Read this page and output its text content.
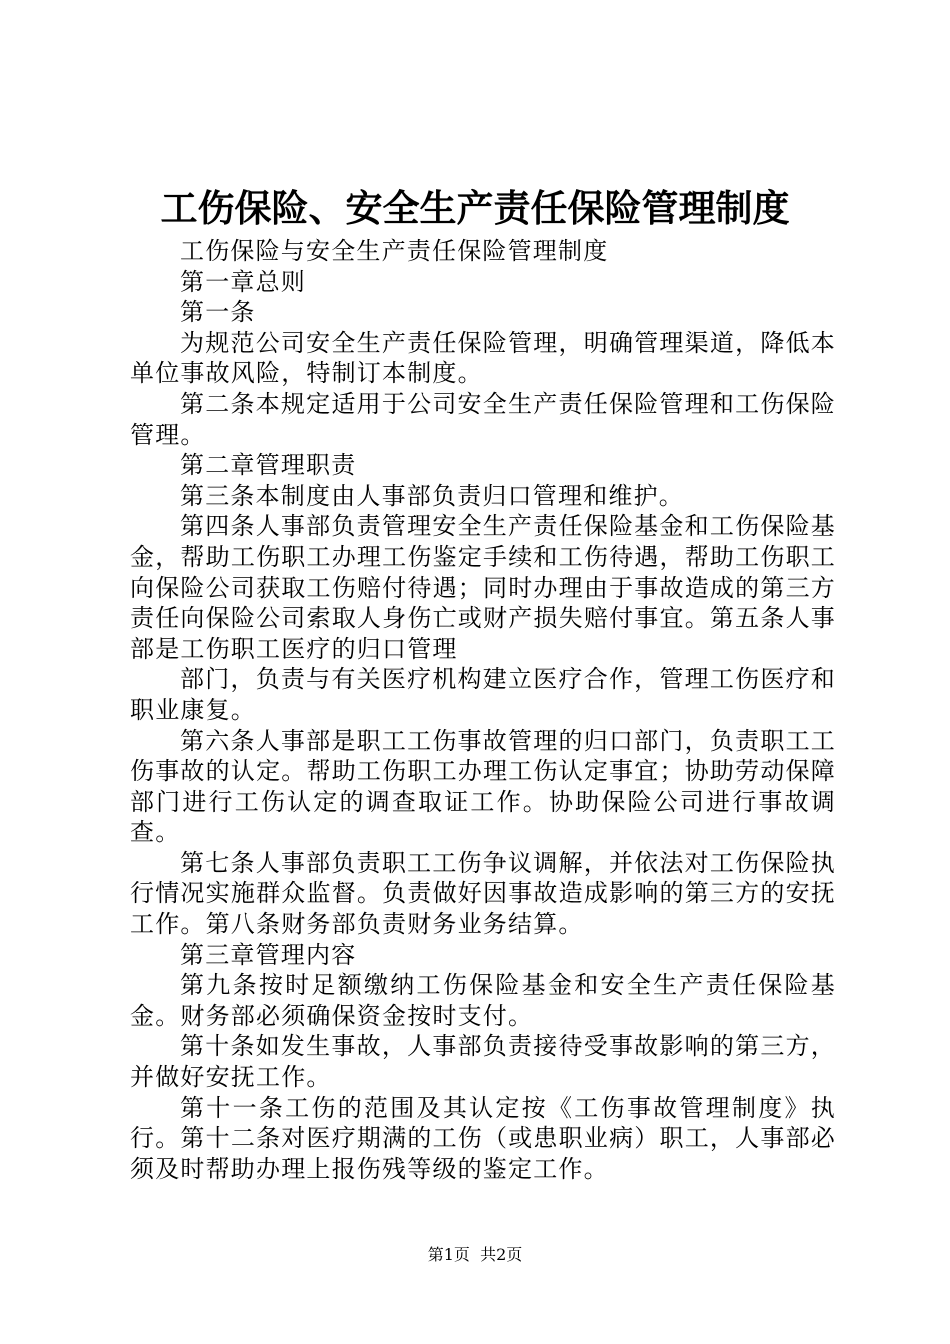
工伤保险、安全生产责任保险管理制度

工伤保险与安全生产责任保险管理制度

第一章总则

第一条

为规范公司安全生产责任保险管理，明确管理渠道，降低本单位事故风险，特制订本制度。

第二条本规定适用于公司安全生产责任保险管理和工伤保险管理。

第二章管理职责

第三条本制度由人事部负责归口管理和维护。

第四条人事部负责管理安全生产责任保险基金和工伤保险基金，帮助工伤职工办理工伤鉴定手续和工伤待遇，帮助工伤职工向保险公司获取工伤赔付待遇；同时办理由于事故造成的第三方责任向保险公司索取人身伤亡或财产损失赔付事宜。第五条人事部是工伤职工医疗的归口管理

部门，负责与有关医疗机构建立医疗合作，管理工伤医疗和职业康复。

第六条人事部是职工工伤事故管理的归口部门，负责职工工伤事故的认定。帮助工伤职工办理工伤认定事宜；协助劳动保障部门进行工伤认定的调查取证工作。协助保险公司进行事故调查。

第七条人事部负责职工工伤争议调解，并依法对工伤保险执行情况实施群众监督。负责做好因事故造成影响的第三方的安抚工作。第八条财务部负责财务业务结算。

第三章管理内容

第九条按时足额缴纳工伤保险基金和安全生产责任保险基金。财务部必须确保资金按时支付。

第十条如发生事故，人事部负责接待受事故影响的第三方，并做好安抚工作。

第十一条工伤的范围及其认定按《工伤事故管理制度》执行。第十二条对医疗期满的工伤（或患职业病）职工，人事部必须及时帮助办理上报伤残等级的鉴定工作。

第1页  共2页
